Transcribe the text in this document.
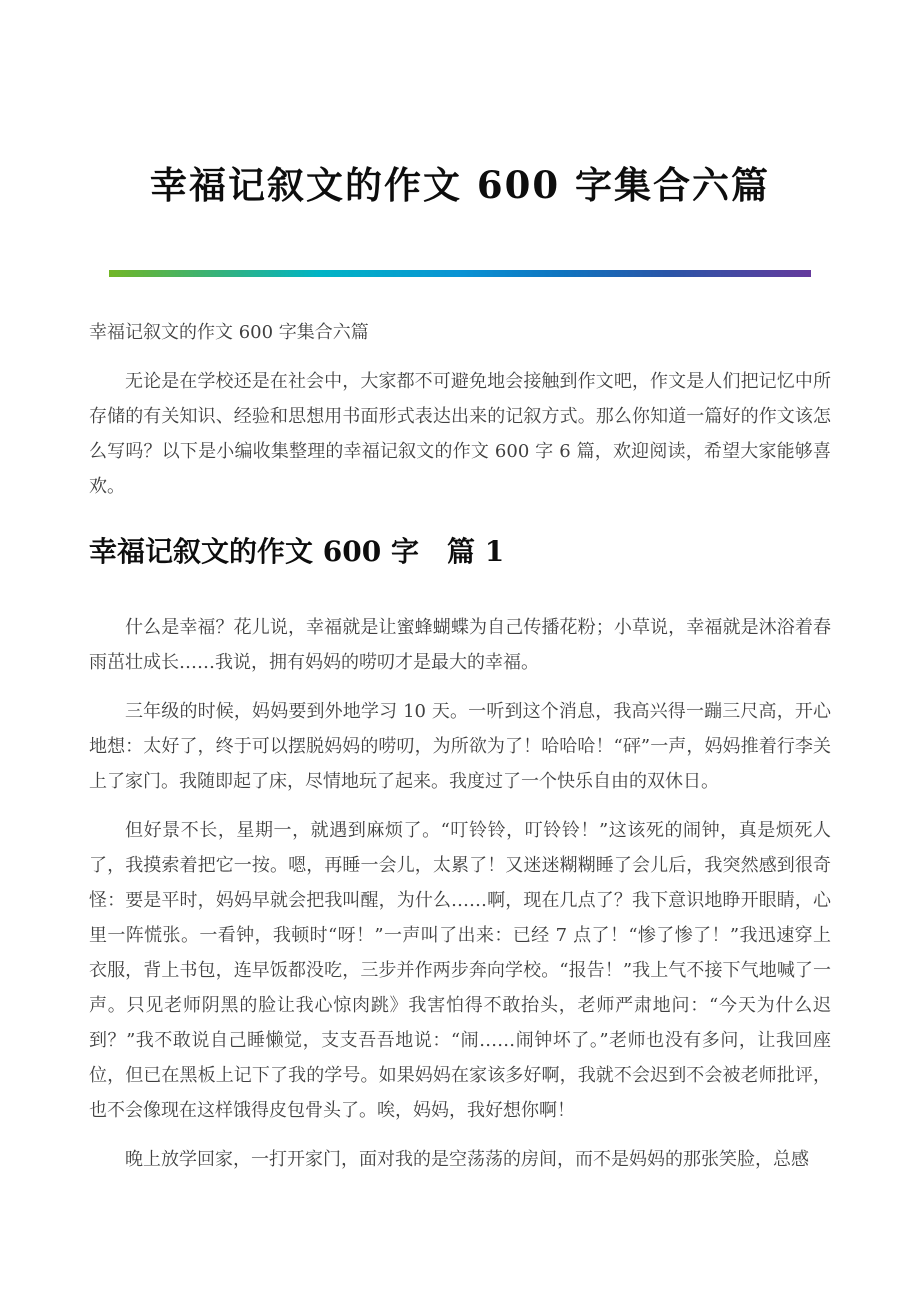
幸福记叙文的作文 600 字集合六篇

幸福记叙文的作文 600 字集合六篇

无论是在学校还是在社会中，大家都不可避免地会接触到作文吧，作文是人们把记忆中所存储的有关知识、经验和思想用书面形式表达出来的记叙方式。那么你知道一篇好的作文该怎么写吗？以下是小编收集整理的幸福记叙文的作文 600 字 6 篇，欢迎阅读，希望大家能够喜欢。

幸福记叙文的作文 600 字　篇 1

什么是幸福？花儿说，幸福就是让蜜蜂蝴蝶为自己传播花粉；小草说，幸福就是沐浴着春雨茁壮成长……我说，拥有妈妈的唠叨才是最大的幸福。

三年级的时候，妈妈要到外地学习 10 天。一听到这个消息，我高兴得一蹦三尺高，开心地想：太好了，终于可以摆脱妈妈的唠叨，为所欲为了！哈哈哈！“砰”一声，妈妈推着行李关上了家门。我随即起了床，尽情地玩了起来。我度过了一个快乐自由的双休日。

但好景不长，星期一，就遇到麻烦了。“叮铃铃，叮铃铃！”这该死的闹钟，真是烦死人了，我摸索着把它一按。嗯，再睡一会儿，太累了！又迷迷糊糊睡了会儿后，我突然感到很奇怪：要是平时，妈妈早就会把我叫醒，为什么……啊，现在几点了？我下意识地睁开眼睛，心里一阵慌张。一看钟，我顿时“呀！”一声叫了出来：已经 7 点了！“惨了惨了！”我迅速穿上衣服，背上书包，连早饭都没吃，三步并作两步奔向学校。“报告！”我上气不接下气地喊了一声。只见老师阴黑的脸让我心惊肉跳》我害怕得不敢抬头，老师严肃地问：“今天为什么迟到？”我不敢说自己睡懒觉，支支吾吾地说：“闹……闹钟坏了。”老师也没有多问，让我回座位，但已在黑板上记下了我的学号。如果妈妈在家该多好啊，我就不会迟到不会被老师批评，也不会像现在这样饿得皮包骨头了。唉，妈妈，我好想你啊！

晚上放学回家，一打开家门，面对我的是空荡荡的房间，而不是妈妈的那张笑脸，总感
